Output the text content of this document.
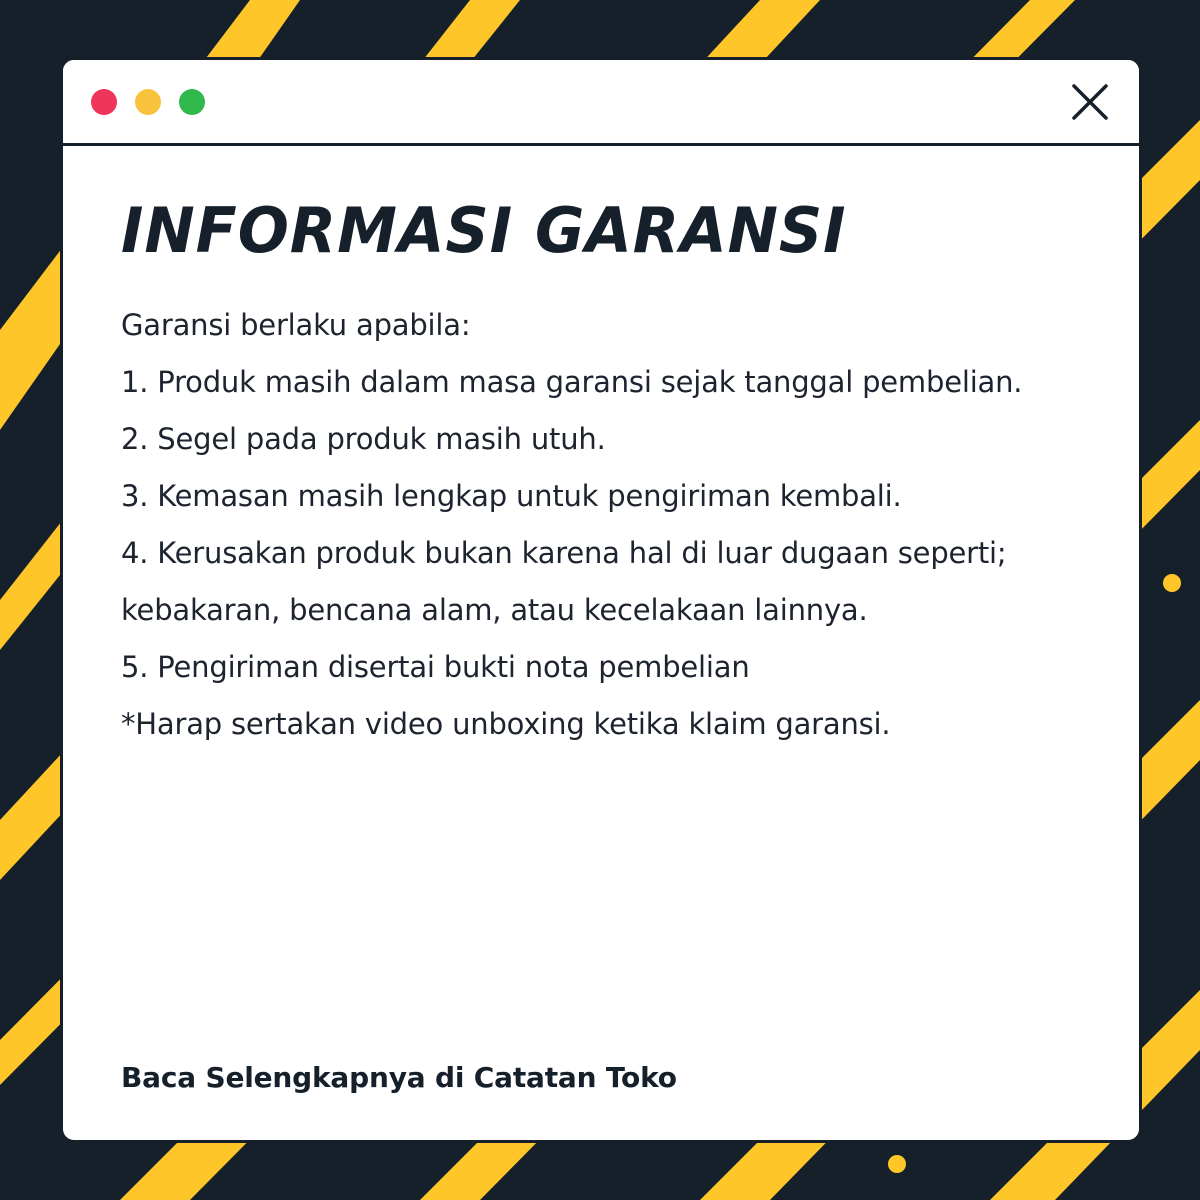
INFORMASI GARANSI
Garansi berlaku apabila:
1. Produk masih dalam masa garansi sejak tanggal pembelian.
2. Segel pada produk masih utuh.
3. Kemasan masih lengkap untuk pengiriman kembali.
4. Kerusakan produk bukan karena hal di luar dugaan seperti;
kebakaran, bencana alam, atau kecelakaan lainnya.
5. Pengiriman disertai bukti nota pembelian
*Harap sertakan video unboxing ketika klaim garansi.
Baca Selengkapnya di Catatan Toko
